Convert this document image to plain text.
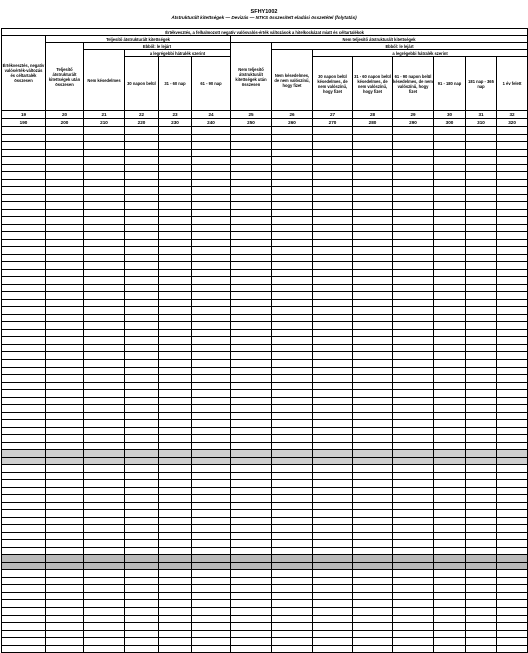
SFHY1002
Átstrukturált kitettségek — Devizás — NTKS összesített eladási összetétel (folytatás)
Értékvesztés, a felhalmozott negatív valósvalós-érték változások a hitelkockázat miatt és céltartalékok													
Értékvesztés, negatív valósérték-változás és céltartalék összesen	Teljesítő átstrukturált kitettségek					Nem teljesítő átstrukturált kitettségek							
	Teljesítő átstrukturált kitettségek után összesen	Ebből: le lejárt				Nem teljesítő átstrukturált kitettségek után összesen	Ebből: le lejárt						
		Nem késedelmes	a legrégebbi hátralék szerint				Nem késedelmes, de nem valószínű, hogy fizet	a legrégebbi hátralék szerint					
			30 napon belül	31 - 60 nap	61 - 90 nap			30 napon belül késedelmes, de nem valószínű, hogy fizet	31 - 60 napon belül késedelmes, de nem valószínű, hogy fizet	61 - 90 napon belül késedelmes, de nem valószínű, hogy fizet	91 - 180 nap	181 nap - 365 nap	1 év felett
19	20	21	22	23	24	25	26	27	28	29	30	31	32
190	200	210	220	230	240	250	260	270	280	290	300	310	320
